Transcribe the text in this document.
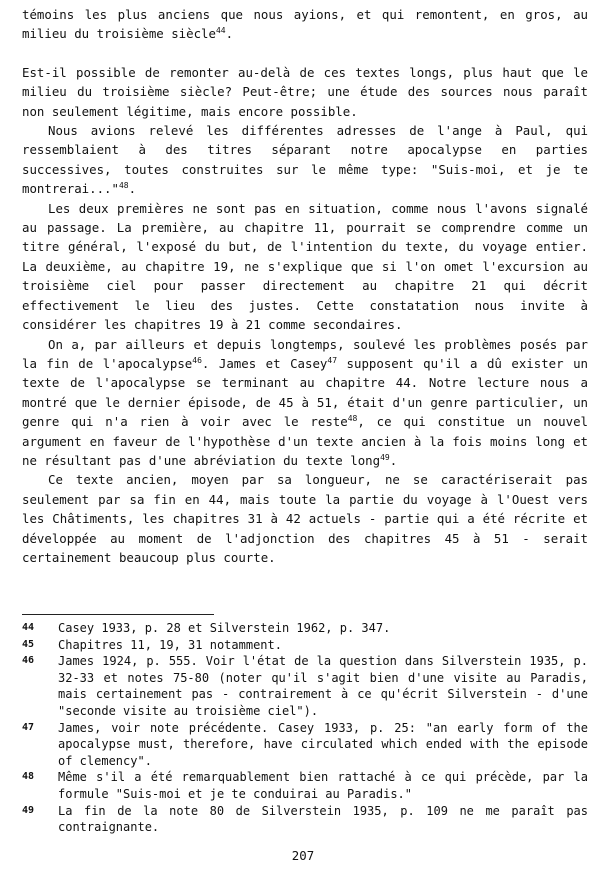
témoins les plus anciens que nous ayions, et qui remontent, en gros, au milieu du troisième siècle$^{44}$.

Est-il possible de remonter au-delà de ces textes longs, plus haut que le milieu du troisième siècle? Peut-être; une étude des sources nous paraît non seulement légitime, mais encore possible.

Nous avions relevé les différentes adresses de l'ange à Paul, qui ressemblaient à des titres séparant notre apocalypse en parties successives, toutes construites sur le même type: "Suis-moi, et je te montrerai..."$^{48}$.

Les deux premières ne sont pas en situation, comme nous l'avons signalé au passage. La première, au chapitre 11, pourrait se comprendre comme un titre général, l'exposé du but, de l'intention du texte, du voyage entier. La deuxième, au chapitre 19, ne s'explique que si l'on omet l'excursion au troisième ciel pour passer directement au chapitre 21 qui décrit effectivement le lieu des justes. Cette constatation nous invite à considérer les chapitres 19 à 21 comme secondaires.

On a, par ailleurs et depuis longtemps, soulevé les problèmes posés par la fin de l'apocalypse$^{46}$. James et Casey$^{47}$ supposent qu'il a dû exister un texte de l'apocalypse se terminant au chapitre 44. Notre lecture nous a montré que le dernier épisode, de 45 à 51, était d'un genre particulier, un genre qui n'a rien à voir avec le reste$^{48}$, ce qui constitue un nouvel argument en faveur de l'hypothèse d'un texte ancien à la fois moins long et ne résultant pas d'une abréviation du texte long$^{49}$.

Ce texte ancien, moyen par sa longueur, ne se caractériserait pas seulement par sa fin en 44, mais toute la partie du voyage à l'Ouest vers les Châtiments, les chapitres 31 à 42 actuels - partie qui a été récrite et développée au moment de l'adjonction des chapitres 45 à 51 - serait certainement beaucoup plus courte.

44	Casey 1933, p. 28 et Silverstein 1962, p. 347.
45	Chapitres 11, 19, 31 notamment.
46	James 1924, p. 555. Voir l'état de la question dans Silverstein 1935, p. 32-33 et notes 75-80 (noter qu'il s'agit bien d'une visite au Paradis, mais certainement pas - contrairement à ce qu'écrit Silverstein - d'une "seconde visite au troisième ciel").
47	James, voir note précédente. Casey 1933, p. 25: "an early form of the apocalypse must, therefore, have circulated which ended with the episode of clemency".
48	Même s'il a été remarquablement bien rattaché à ce qui précède, par la formule "Suis-moi et je te conduirai au Paradis."
49	La fin de la note 80 de Silverstein 1935, p. 109 ne me paraît pas contraignante.
207
